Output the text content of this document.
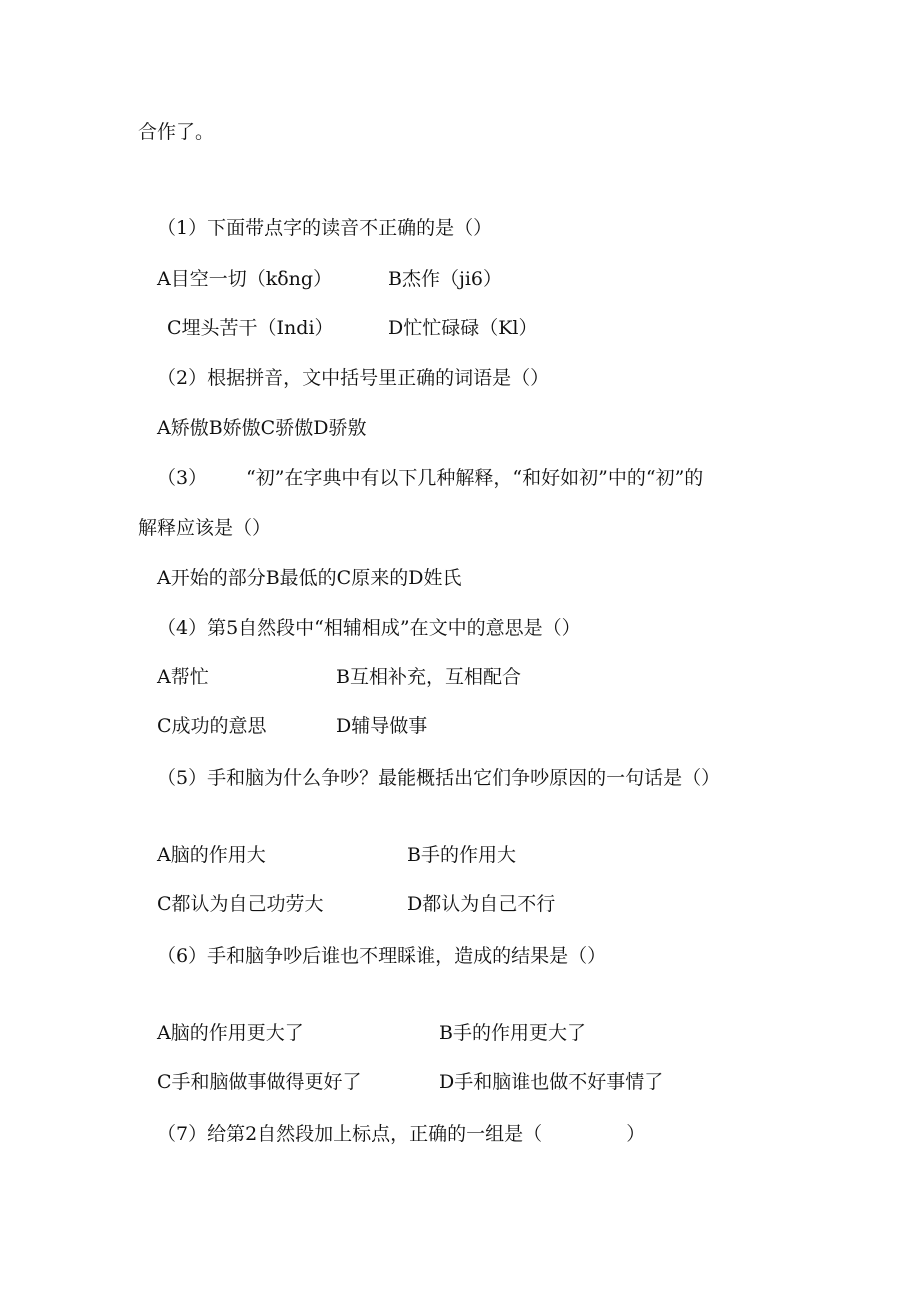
合作了。
（1）下面带点字的读音不正确的是（）
A目空一切（kδng）	B杰作（ji6）
C埋头苦干（Indi）	D忙忙碌碌（Kl）
（2）根据拼音，文中括号里正确的词语是（）
A矫傲B娇傲C骄傲D骄敫
（3） “初”在字典中有以下几种解释，“和好如初”中的“初”的
解释应该是（）
A开始的部分B最低的C原来的D姓氏
（4）第5自然段中“相辅相成”在文中的意思是（）
A帮忙	B互相补充，互相配合
C成功的意思	D辅导做事
（5）手和脑为什么争吵？最能概括出它们争吵原因的一句话是（）
A脑的作用大	B手的作用大
C都认为自己功劳大	D都认为自己不行
（6）手和脑争吵后谁也不理睬谁，造成的结果是（）
A脑的作用更大了	B手的作用更大了
C手和脑做事做得更好了	D手和脑谁也做不好事情了
（7）给第2自然段加上标点，正确的一组是（	）
